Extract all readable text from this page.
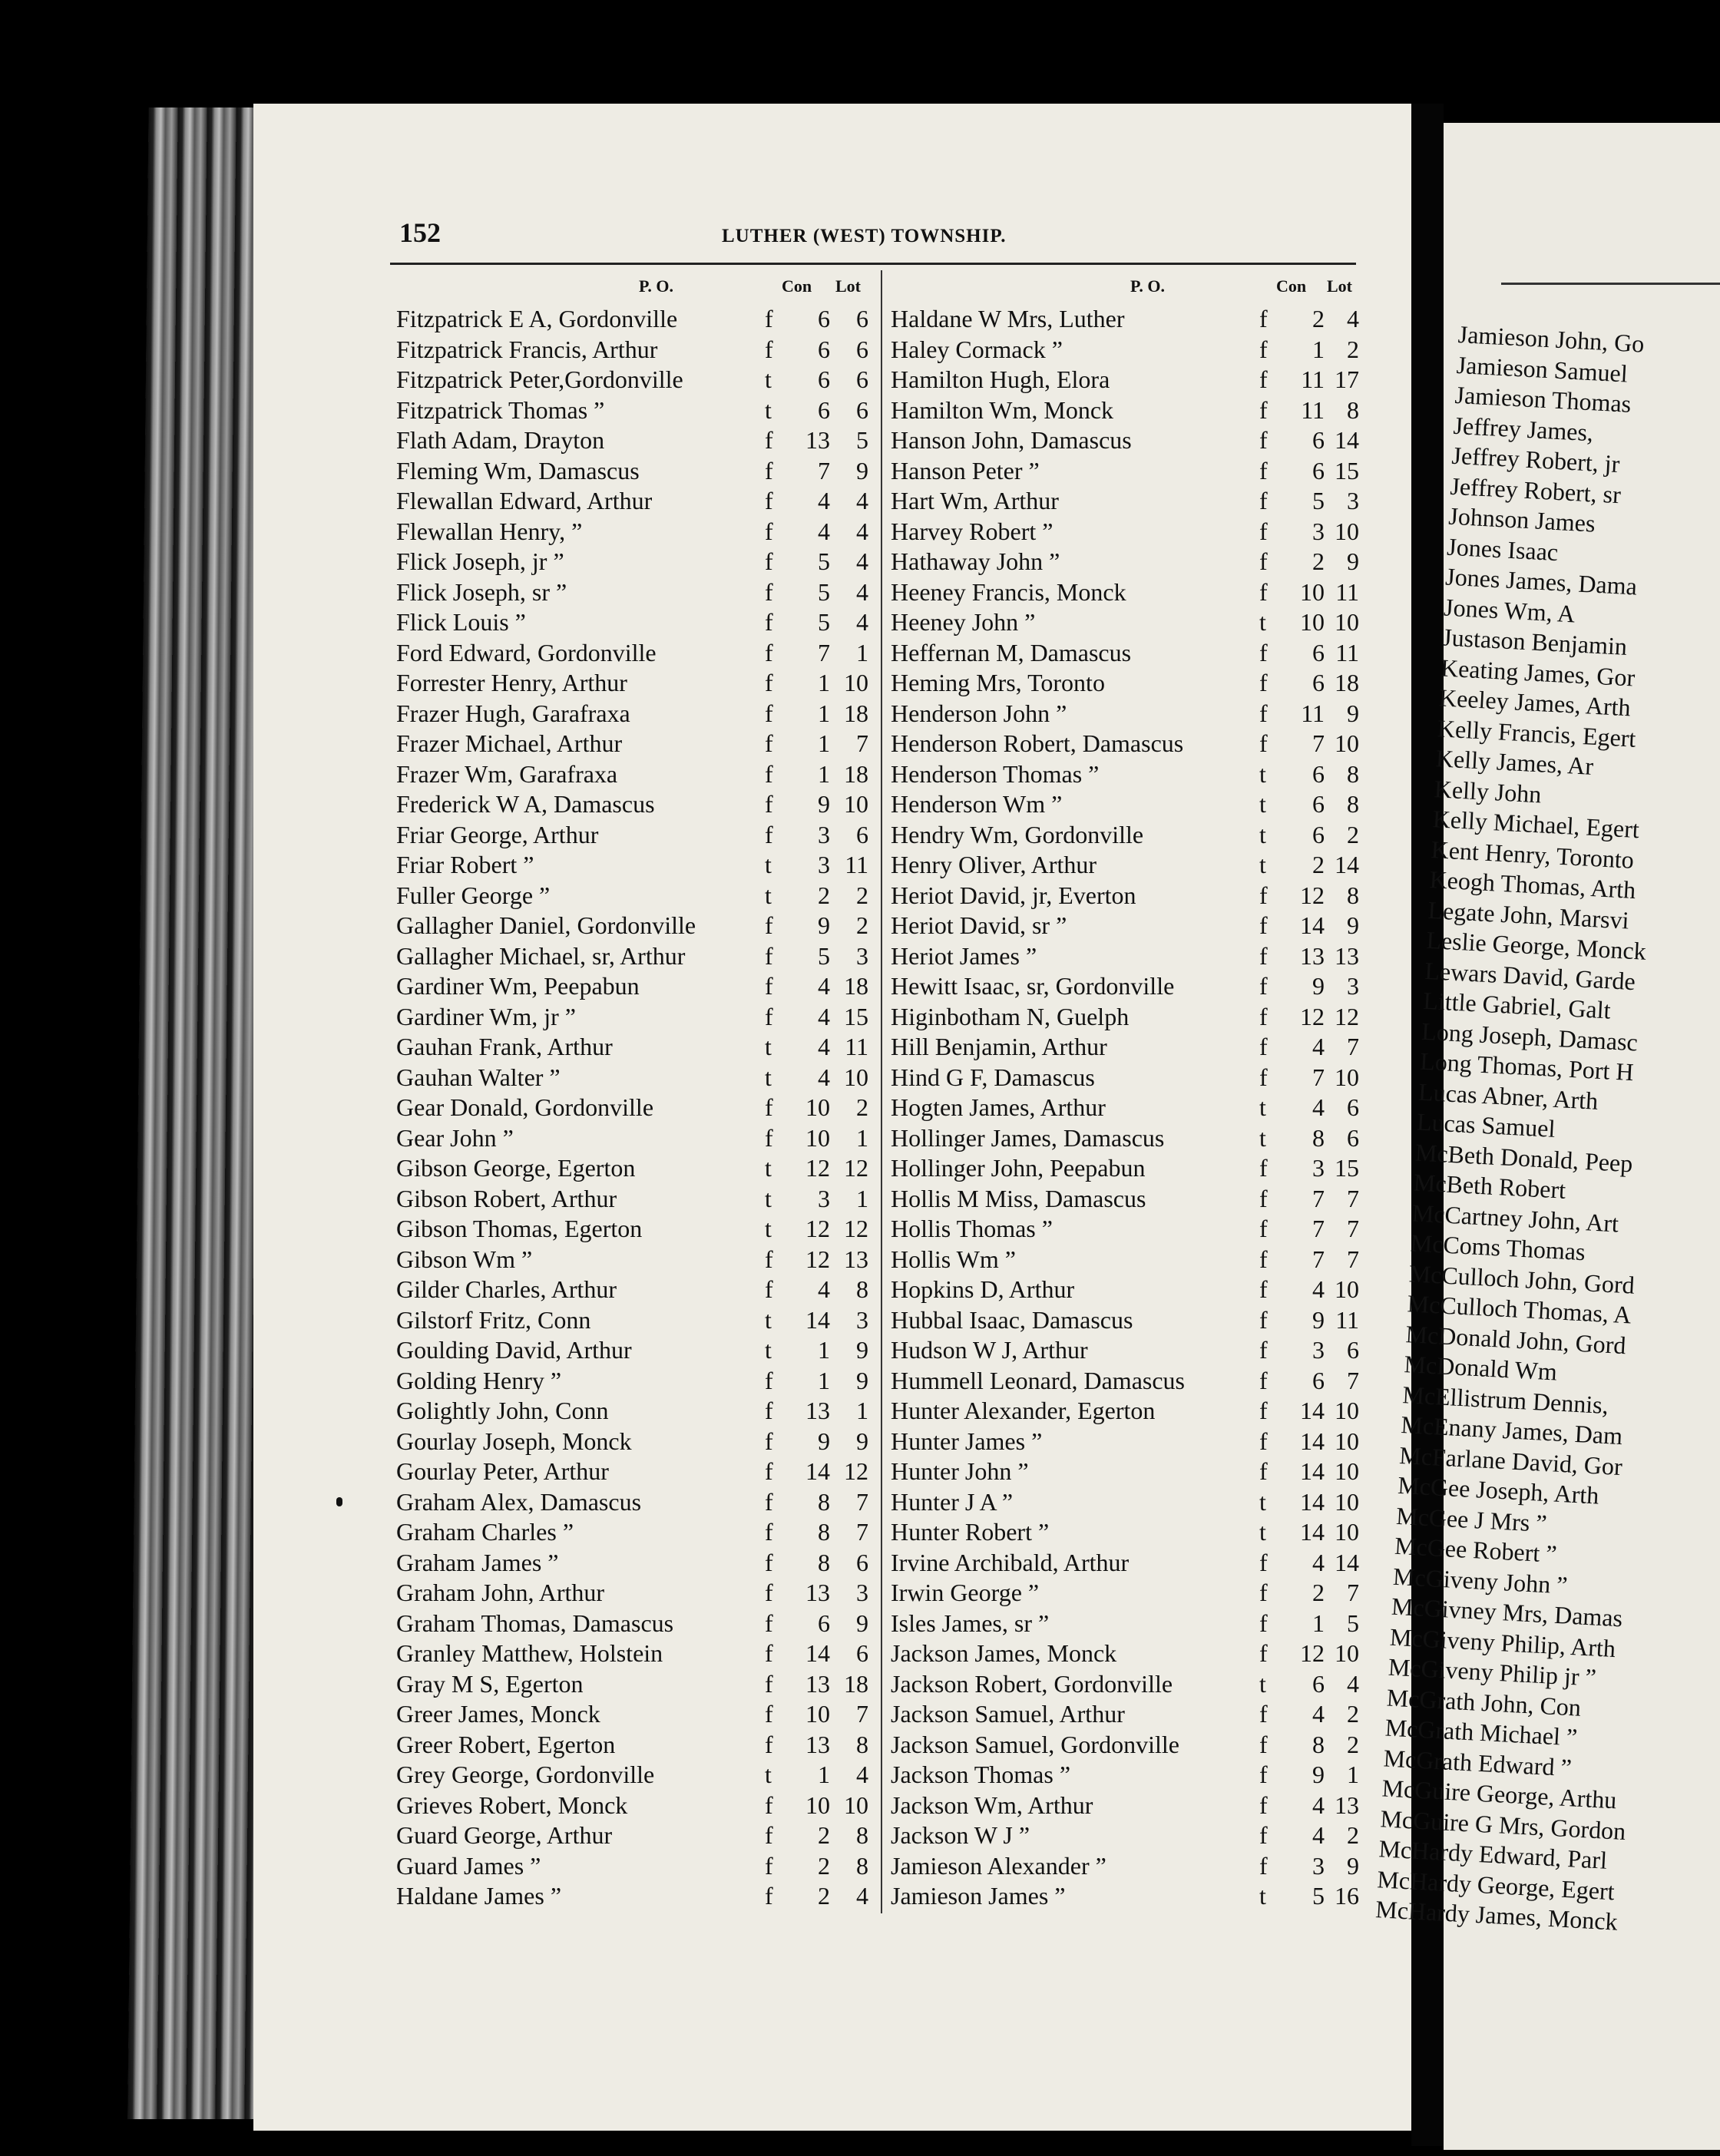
152	LUTHER (WEST) TOWNSHIP.
P. O.	Con Lot	P. O.	Con Lot
Fitzpatrick E A, Gordonville	f	6	6
Fitzpatrick Francis, Arthur	f	6	6
Fitzpatrick Peter,Gordonville	t	6	6
Fitzpatrick Thomas ”	t	6	6
Flath Adam, Drayton	f 13	5
Fleming Wm, Damascus	f	7	9
Flewallan Edward, Arthur	f	4	4
Flewallan Henry, ”	f	4	4
Flick Joseph, jr ”	f	5	4
Flick Joseph, sr ”	f	5	4
Flick Louis ”	f	5	4
Ford Edward, Gordonville	f	7	1
Forrester Henry, Arthur	f	1 10
Frazer Hugh, Garafraxa	f	1 18
Frazer Michael, Arthur	f	1	7
Frazer Wm, Garafraxa	f	1 18
Frederick W A, Damascus	f	9 10
Friar George, Arthur	f	3	6
Friar Robert ”	t	3 11
Fuller George ”	t	2	2
Gallagher Daniel, Gordonville	f	9	2
Gallagher Michael, sr, Arthur	f	5	3
Gardiner Wm, Peepabun	f	4 18
Gardiner Wm, jr ”	f	4 15
Gauhan Frank, Arthur	t	4 11
Gauhan Walter ”	t	4 10
Gear Donald, Gordonville	f 10	2
Gear John ”	f 10	1
Gibson George, Egerton	t 12 12
Gibson Robert, Arthur	t	3	1
Gibson Thomas, Egerton	t 12 12
Gibson Wm ”	f 12 13
Gilder Charles, Arthur	f	4	8
Gilstorf Fritz, Conn	t 14	3
Goulding David, Arthur	t	1	9
Golding Henry ”	f	1	9
Golightly John, Conn	f 13	1
Gourlay Joseph, Monck	f	9	9
Gourlay Peter, Arthur	f 14 12
Graham Alex, Damascus	f	8	7
Graham Charles ”	f	8	7
Graham James ”	f	8	6
Graham John, Arthur	f 13	3
Graham Thomas, Damascus	f	6	9
Granley Matthew, Holstein	f 14	6
Gray M S, Egerton	f 13 18
Greer James, Monck	f 10	7
Greer Robert, Egerton	f 13	8
Grey George, Gordonville	t	1	4
Grieves Robert, Monck	f 10 10
Guard George, Arthur	f	2	8
Guard James ”	f	2	8
Haldane James ”	f	2	4
Haldane W Mrs, Luther	f	2 4
Haley Cormack ”	f	1 2
Hamilton Hugh, Elora	f 11 17
Hamilton Wm, Monck	f 11 8
Hanson John, Damascus	f	6 14
Hanson Peter ”	f	6 15
Hart Wm, Arthur	f	5 3
Harvey Robert ”	f	3 10
Hathaway John ”	f	2 9
Heeney Francis, Monck	f 10 11
Heeney John ”	t 10 10
Heffernan M, Damascus	f	6 11
Heming Mrs, Toronto	f	6 18
Henderson John ”	f 11 9
Henderson Robert, Damascus	f	7 10
Henderson Thomas ”	t	6 8
Henderson Wm ”	t	6 8
Hendry Wm, Gordonville	t	6 2
Henry Oliver, Arthur	t	2 14
Heriot David, jr, Everton	f 12 8
Heriot David, sr ”	f 14 9
Heriot James ”	f 13 13
Hewitt Isaac, sr, Gordonville	f	9 3
Higinbotham N, Guelph	f 12 12
Hill Benjamin, Arthur	f	4 7
Hind G F, Damascus	f	7 10
Hogten James, Arthur	t	4 6
Hollinger James, Damascus	t	8 6
Hollinger John, Peepabun	f	3 15
Hollis M Miss, Damascus	f	7 7
Hollis Thomas ”	f	7 7
Hollis Wm ”	f	7 7
Hopkins D, Arthur	f	4 10
Hubbal Isaac, Damascus	f	9 11
Hudson W J, Arthur	f	3 6
Hummell Leonard, Damascus	f	6 7
Hunter Alexander, Egerton	f 14 10
Hunter James ”	f 14 10
Hunter John ”	f 14 10
Hunter J A ”	t 14 10
Hunter Robert ”	t 14 10
Irvine Archibald, Arthur	f	4 14
Irwin George ”	f	2 7
Isles James, sr ”	f	1 5
Jackson James, Monck	f 12 10
Jackson Robert, Gordonville	t	6 4
Jackson Samuel, Arthur	f	4 2
Jackson Samuel, Gordonville	f	8 2
Jackson Thomas ”	f	9 1
Jackson Wm, Arthur	f	4 13
Jackson W J ”	f	4 2
Jamieson Alexander ”	f	3 9
Jamieson James ”	t	5 16
Jamieson John, Go
Jamieson Samuel
Jamieson Thomas
Jeffrey James,
Jeffrey Robert, jr
Jeffrey Robert, sr
Johnson James
Jones Isaac
Jones James, Dama
Jones Wm, A
Justason Benjamin
Keating James, Gor
Keeley James, Arth
Kelly Francis, Egert
Kelly James, Ar
Kelly John
Kelly Michael, Egert
Kent Henry, Toronto
Keogh Thomas, Arth
Legate John, Marsvi
Leslie George, Monck
Lewars David, Garde
Little Gabriel, Galt
Long Joseph, Damasc
Long Thomas, Port H
Lucas Abner, Arth
Lucas Samuel
McBeth Donald, Peep
McBeth Robert
McCartney John, Art
McComs Thomas
McCulloch John, Gord
McCulloch Thomas, A
McDonald John, Gord
McDonald Wm
McEllistrum Dennis,
McEnany James, Dam
McFarlane David, Gor
McGee Joseph, Arth
McGee J Mrs ”
McGee Robert ”
McGiveny John ”
McGivney Mrs, Damas
McGiveny Philip, Arth
McGiveny Philip jr ”
McGrath John, Con
McGrath Michael ”
McGrath Edward ”
McGuire George, Arthu
McGuire G Mrs, Gordon
McHardy Edward, Parl
McHardy George, Egert
McHardy James, Monck
